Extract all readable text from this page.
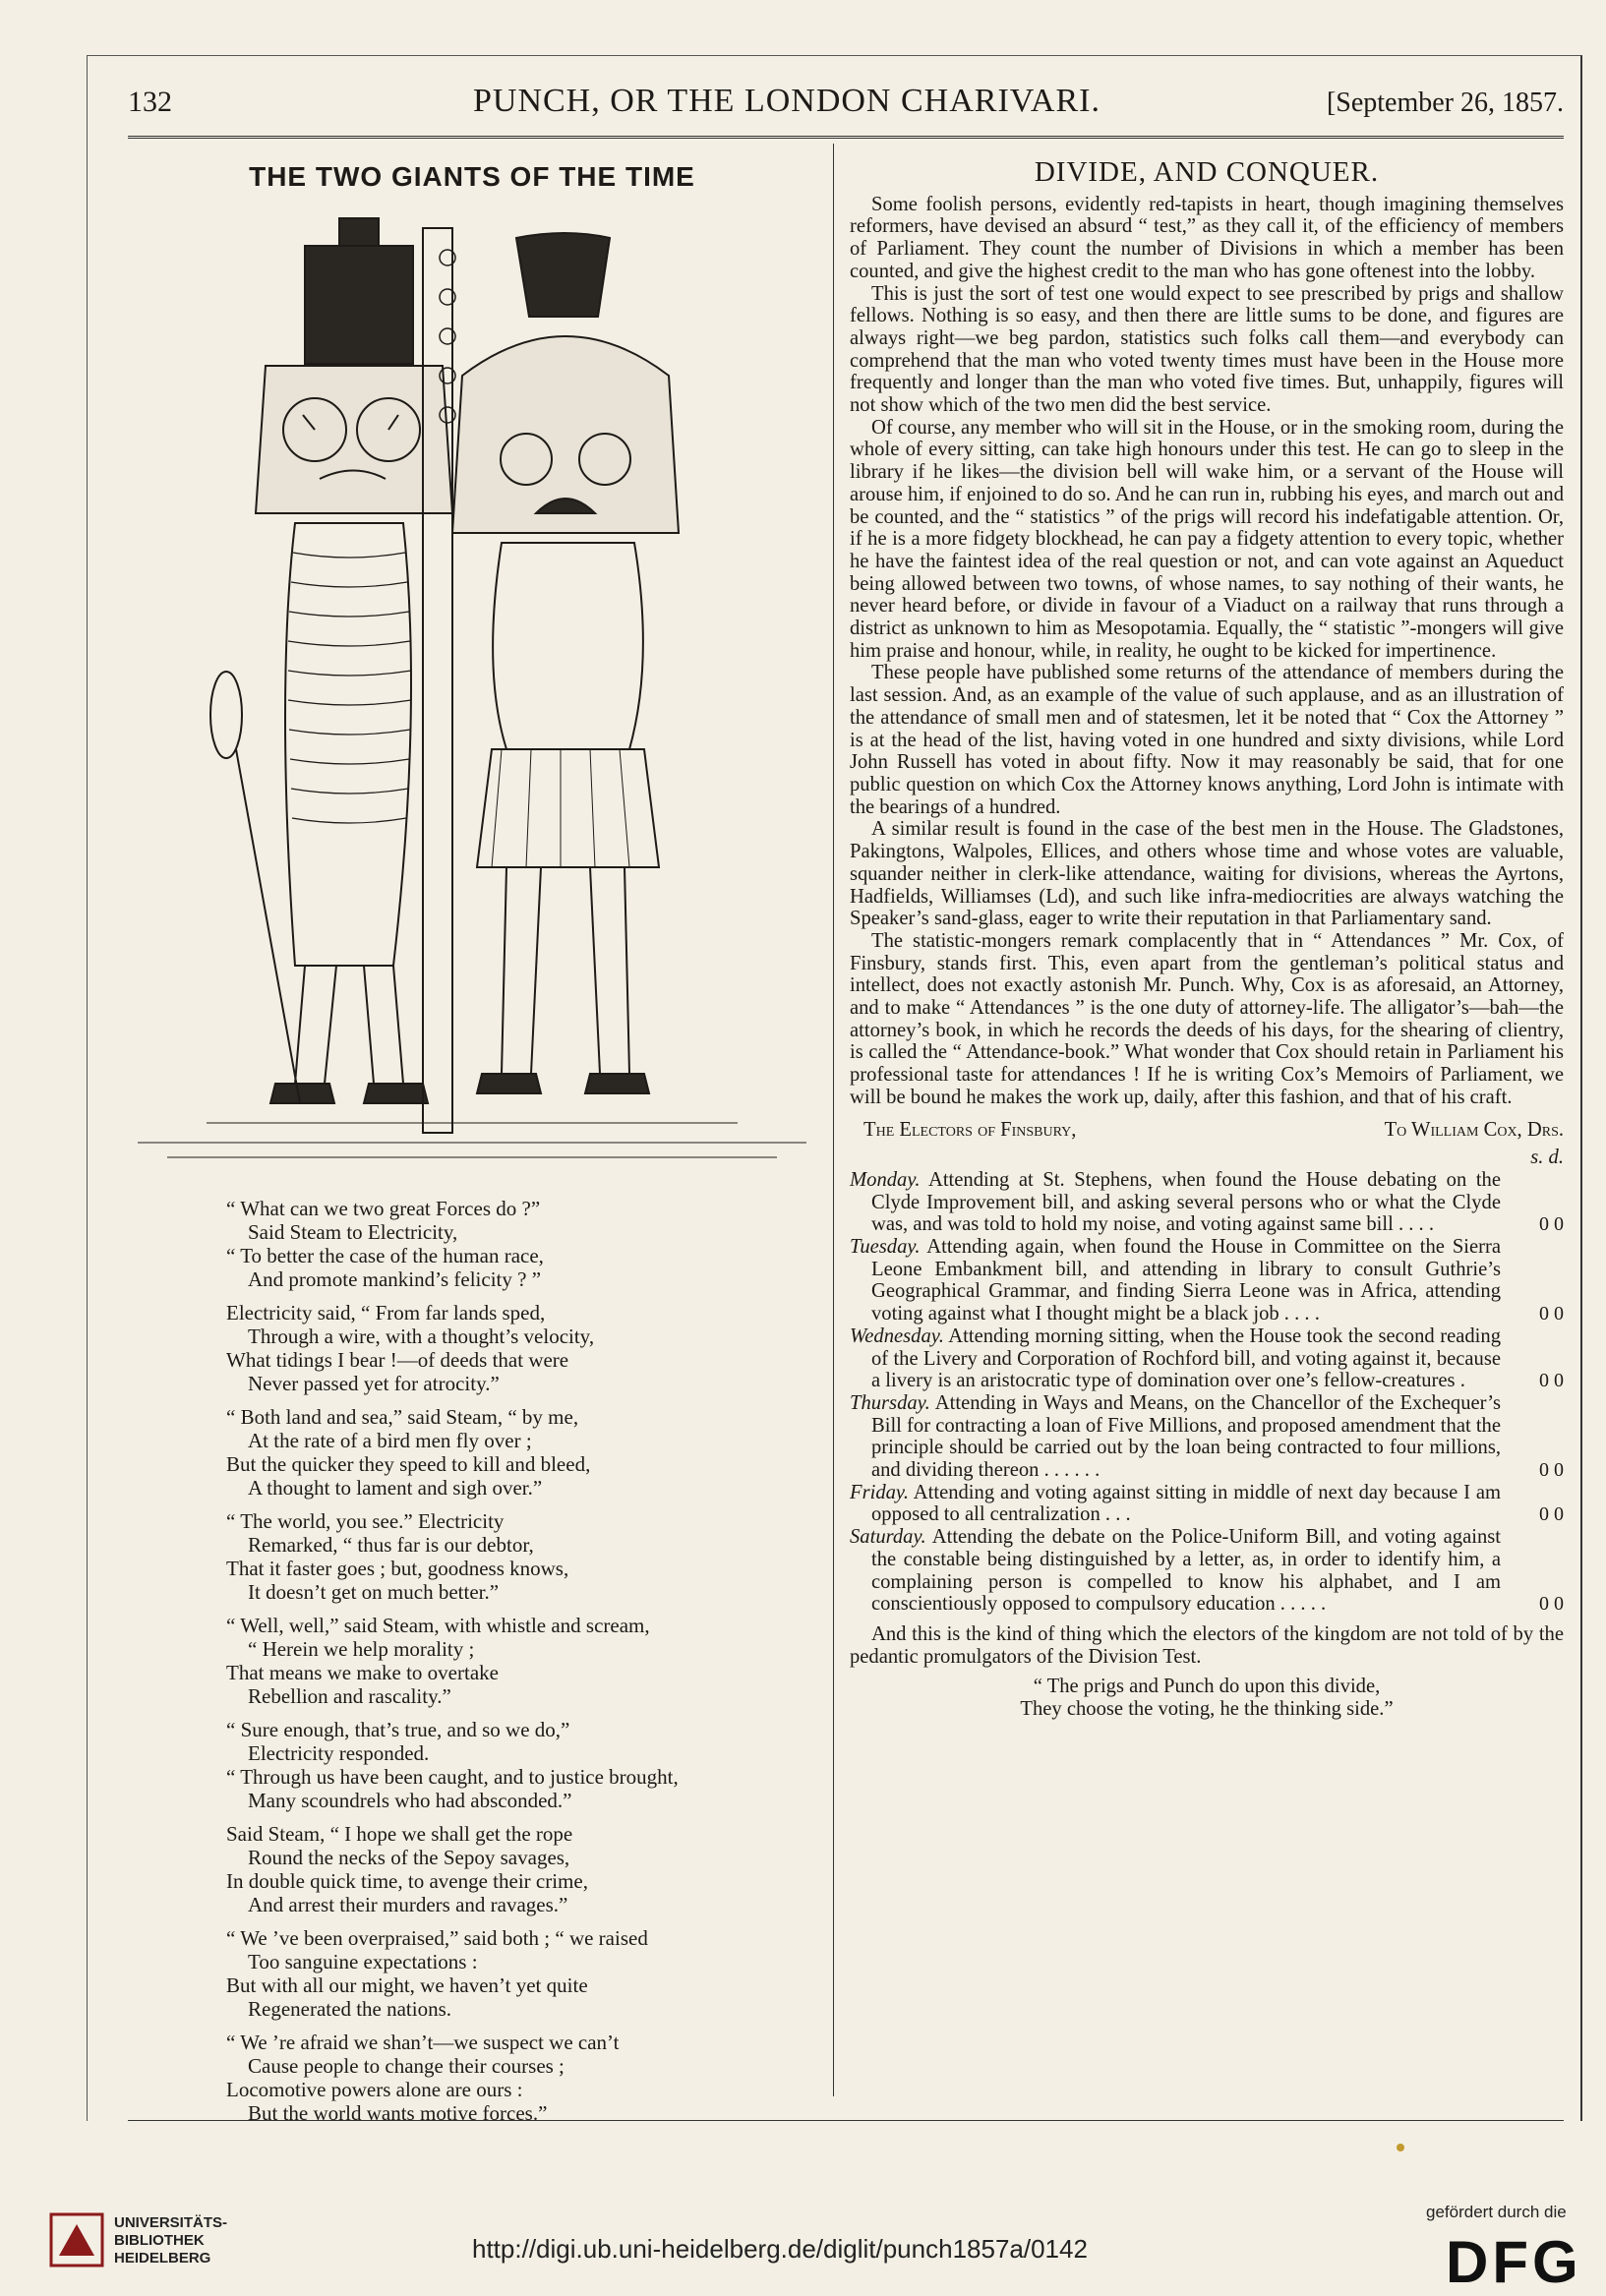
132	PUNCH, OR THE LONDON CHARIVARI.	[September 26, 1857.
THE TWO GIANTS OF THE TIME
“ What can we two great Forces do ?”
Said Steam to Electricity,
“ To better the case of the human race,
And promote mankind’s felicity ? ”
Electricity said, “ From far lands sped,
Through a wire, with a thought’s velocity,
What tidings I bear !—of deeds that were
Never passed yet for atrocity.”
“ Both land and sea,” said Steam, “ by me,
At the rate of a bird men fly over ;
But the quicker they speed to kill and bleed,
A thought to lament and sigh over.”
“ The world, you see.” Electricity
Remarked, “ thus far is our debtor,
That it faster goes ; but, goodness knows,
It doesn’t get on much better.”
“ Well, well,” said Steam, with whistle and scream,
“ Herein we help morality ;
That means we make to overtake
Rebellion and rascality.”
“ Sure enough, that’s true, and so we do,”
Electricity responded.
“ Through us have been caught, and to justice brought,
Many scoundrels who had absconded.”
Said Steam, “ I hope we shall get the rope
Round the necks of the Sepoy savages,
In double quick time, to avenge their crime,
And arrest their murders and ravages.”
“ We ’ve been overpraised,” said both ; “ we raised
Too sanguine expectations :
But with all our might, we haven’t yet quite
Regenerated the nations.
“ We ’re afraid we shan’t—we suspect we can’t
Cause people to change their courses ;
Locomotive powers alone are ours :
But the world wants motive forces.”
DIVIDE, AND CONQUER.

Some foolish persons, evidently red-tapists in heart, though imagining themselves reformers, have devised an absurd “ test,” as they call it, of the efficiency of members of Parliament. They count the number of Divisions in which a member has been counted, and give the highest credit to the man who has gone oftenest into the lobby.

This is just the sort of test one would expect to see prescribed by prigs and shallow fellows. Nothing is so easy, and then there are little sums to be done, and figures are always right—we beg pardon, statistics such folks call them—and everybody can comprehend that the man who voted twenty times must have been in the House more frequently and longer than the man who voted five times. But, unhappily, figures will not show which of the two men did the best service.

Of course, any member who will sit in the House, or in the smoking room, during the whole of every sitting, can take high honours under this test. He can go to sleep in the library if he likes—the division bell will wake him, or a servant of the House will arouse him, if enjoined to do so. And he can run in, rubbing his eyes, and march out and be counted, and the “ statistics ” of the prigs will record his indefatigable attention. Or, if he is a more fidgety blockhead, he can pay a fidgety attention to every topic, whether he have the faintest idea of the real question or not, and can vote against an Aqueduct being allowed between two towns, of whose names, to say nothing of their wants, he never heard before, or divide in favour of a Viaduct on a railway that runs through a district as unknown to him as Mesopotamia. Equally, the “ statistic ”-mongers will give him praise and honour, while, in reality, he ought to be kicked for impertinence.

These people have published some returns of the attendance of members during the last session. And, as an example of the value of such applause, and as an illustration of the attendance of small men and of statesmen, let it be noted that “ Cox the Attorney ” is at the head of the list, having voted in one hundred and sixty divisions, while Lord John Russell has voted in about fifty. Now it may reasonably be said, that for one public question on which Cox the Attorney knows anything, Lord John is intimate with the bearings of a hundred.

A similar result is found in the case of the best men in the House. The Gladstones, Pakingtons, Walpoles, Ellices, and others whose time and whose votes are valuable, squander neither in clerk-like attendance, waiting for divisions, whereas the Ayrtons, Hadfields, Williamses (Ld), and such like infra-mediocrities are always watching the Speaker’s sand-glass, eager to write their reputation in that Parliamentary sand.

The statistic-mongers remark complacently that in “ Attendances ” Mr. Cox, of Finsbury, stands first. This, even apart from the gentleman’s political status and intellect, does not exactly astonish Mr. Punch. Why, Cox is as aforesaid, an Attorney, and to make “ Attendances ” is the one duty of attorney-life. The alligator’s—bah—the attorney’s book, in which he records the deeds of his days, for the shearing of clientry, is called the “ Attendance-book.” What wonder that Cox should retain in Parliament his professional taste for attendances ! If he is writing Cox’s Memoirs of Parliament, we will be bound he makes the work up, daily, after this fashion, and that of his craft.

The Electors of Finsbury,	To William Cox, Drs.
s. d.
Monday. Attending at St. Stephens, when found the House debating on the Clyde Improvement bill, and asking several persons who or what the Clyde was, and was told to hold my noise, and voting against same bill . . . .	0 0
Tuesday. Attending again, when found the House in Committee on the Sierra Leone Embankment bill, and attending in library to consult Guthrie’s Geographical Grammar, and finding Sierra Leone was in Africa, attending voting against what I thought might be a black job . . . .	0 0
Wednesday. Attending morning sitting, when the House took the second reading of the Livery and Corporation of Rochford bill, and voting against it, because a livery is an aristocratic type of domination over one’s fellow-creatures .	0 0
Thursday. Attending in Ways and Means, on the Chancellor of the Exchequer’s Bill for contracting a loan of Five Millions, and proposed amendment that the principle should be carried out by the loan being contracted to four millions, and dividing thereon . . . . . .	0 0
Friday. Attending and voting against sitting in middle of next day because I am opposed to all centralization . . .	0 0
Saturday. Attending the debate on the Police-Uniform Bill, and voting against the constable being distinguished by a letter, as, in order to identify him, a complaining person is compelled to know his alphabet, and I am conscientiously opposed to compulsory education . . . . .	0 0

And this is the kind of thing which the electors of the kingdom are not told of by the pedantic promulgators of the Division Test.

“ The prigs and Punch do upon this divide,
They choose the voting, he the thinking side.”
UNIVERSITÄTS-
BIBLIOTHEK
HEIDELBERG	http://digi.ub.uni-heidelberg.de/diglit/punch1857a/0142
gefördert durch die
DFG
